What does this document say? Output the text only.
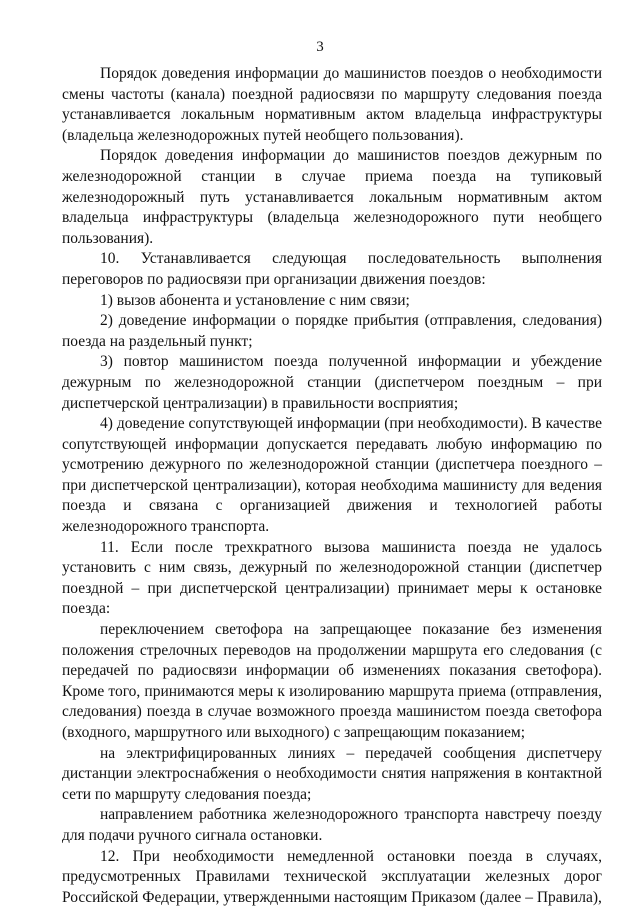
3

Порядок доведения информации до машинистов поездов о необходимости смены частоты (канала) поездной радиосвязи по маршруту следования поезда устанавливается локальным нормативным актом владельца инфраструктуры (владельца железнодорожных путей необщего пользования).

Порядок доведения информации до машинистов поездов дежурным по железнодорожной станции в случае приема поезда на тупиковый железнодорожный путь устанавливается локальным нормативным актом владельца инфраструктуры (владельца железнодорожного пути необщего пользования).

10. Устанавливается следующая последовательность выполнения переговоров по радиосвязи при организации движения поездов:

1) вызов абонента и установление с ним связи;

2) доведение информации о порядке прибытия (отправления, следования) поезда на раздельный пункт;

3) повтор машинистом поезда полученной информации и убеждение дежурным по железнодорожной станции (диспетчером поездным – при диспетчерской централизации) в правильности восприятия;

4) доведение сопутствующей информации (при необходимости). В качестве сопутствующей информации допускается передавать любую информацию по усмотрению дежурного по железнодорожной станции (диспетчера поездного – при диспетчерской централизации), которая необходима машинисту для ведения поезда и связана с организацией движения и технологией работы железнодорожного транспорта.

11. Если после трехкратного вызова машиниста поезда не удалось установить с ним связь, дежурный по железнодорожной станции (диспетчер поездной – при диспетчерской централизации) принимает меры к остановке поезда:

переключением светофора на запрещающее показание без изменения положения стрелочных переводов на продолжении маршрута его следования (с передачей по радиосвязи информации об изменениях показания светофора). Кроме того, принимаются меры к изолированию маршрута приема (отправления, следования) поезда в случае возможного проезда машинистом поезда светофора (входного, маршрутного или выходного) с запрещающим показанием;

на электрифицированных линиях – передачей сообщения диспетчеру дистанции электроснабжения о необходимости снятия напряжения в контактной сети по маршруту следования поезда;

направлением работника железнодорожного транспорта навстречу поезду для подачи ручного сигнала остановки.

12. При необходимости немедленной остановки поезда в случаях, предусмотренных Правилами технической эксплуатации железных дорог Российской Федерации, утвержденными настоящим Приказом (далее – Правила),
